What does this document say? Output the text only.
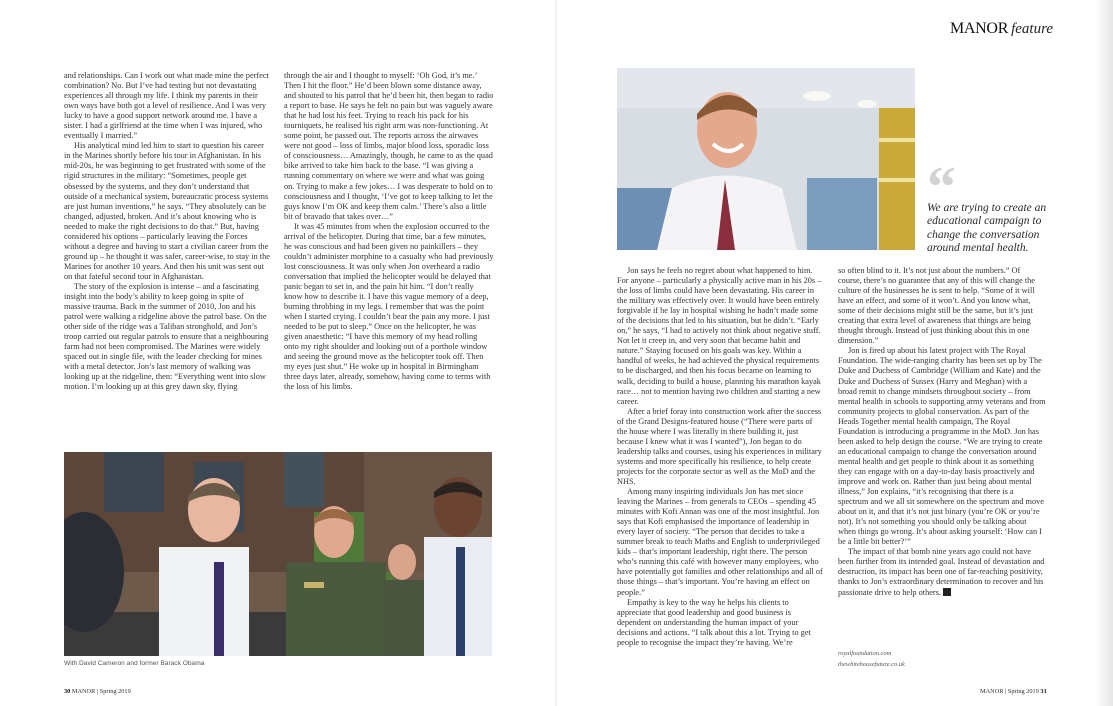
MANOR feature

and relationships. Can I work out what made mine the perfect combination? No. But I’ve had testing but not devastating experiences all through my life. I think my parents in their own ways have both got a level of resilience. And I was very lucky to have a good support network around me. I have a sister. I had a girlfriend at the time when I was injured, who eventually I married.”

His analytical mind led him to start to question his career in the Marines shortly before his tour in Afghanistan. In his mid-20s, he was beginning to get frustrated with some of the rigid structures in the military: “Sometimes, people get obsessed by the systems, and they don’t understand that outside of a mechanical system, bureaucratic process systems are just human inventions,” he says. “They absolutely can be changed, adjusted, broken. And it’s about knowing who is needed to make the right decisions to do that.” But, having considered his options – particularly leaving the Forces without a degree and having to start a civilian career from the ground up – he thought it was safer, career-wise, to stay in the Marines for another 10 years. And then his unit was sent out on that fateful second tour in Afghanistan.

The story of the explosion is intense – and a fascinating insight into the body’s ability to keep going in spite of massive trauma. Back in the summer of 2010, Jon and his patrol were walking a ridgeline above the patrol base. On the other side of the ridge was a Taliban stronghold, and Jon’s troop carried out regular patrols to ensure that a neighbouring farm had not been compromised. The Marines were widely spaced out in single file, with the leader checking for mines with a metal detector. Jon’s last memory of walking was looking up at the ridgeline, then: “Everything went into slow motion. I’m looking up at this grey dawn sky, flying

through the air and I thought to myself: ‘Oh God, it’s me.’ Then I hit the floor.” He’d been blown some distance away, and shouted to his patrol that he’d been hit, then began to radio a report to base. He says he felt no pain but was vaguely aware that he had lost his feet. Trying to reach his pack for his tourniquets, he realised his right arm was non-functioning. At some point, he passed out. The reports across the airwaves were not good – loss of limbs, major blood loss, sporadic loss of consciousness… Amazingly, though, he came to as the quad bike arrived to take him back to the base. “I was giving a running commentary on where we were and what was going on. Trying to make a few jokes… I was desperate to hold on to consciousness and I thought, ‘I’ve got to keep talking to let the guys know I’m OK and keep them calm.’ There’s also a little bit of bravado that takes over…”

It was 45 minutes from when the explosion occurred to the arrival of the helicopter. During that time, bar a few minutes, he was conscious and had been given no painkillers – they couldn’t administer morphine to a casualty who had previously lost consciousness. It was only when Jon overheard a radio conversation that implied the helicopter would be delayed that panic began to set in, and the pain hit him. “I don’t really know how to describe it. I have this vague memory of a deep, burning throbbing in my legs. I remember that was the point when I started crying. I couldn’t bear the pain any more. I just needed to be put to sleep.” Once on the helicopter, he was given anaesthetic: “I have this memory of my head rolling onto my right shoulder and looking out of a porthole window and seeing the ground move as the helicopter took off. Then my eyes just shut.” He woke up in hospital in Birmingham three days later, already, somehow, having come to terms with the loss of his limbs.

With David Cameron and former Barack Obama
“
We are trying to create an educational campaign to change the conversation around mental health.

Jon says he feels no regret about what happened to him. For anyone – particularly a physically active man in his 20s – the loss of limbs could have been devastating. His career in the military was effectively over. It would have been entirely forgivable if he lay in hospital wishing he hadn’t made some of the decisions that led to his situation, but he didn’t. “Early on,” he says, “I had to actively not think about negative stuff. Not let it creep in, and very soon that became habit and nature.” Staying focused on his goals was key. Within a handful of weeks, he had achieved the physical requirements to be discharged, and then his focus became on learning to walk, deciding to build a house, planning his marathon kayak race… not to mention having two children and starting a new career.

After a brief foray into construction work after the success of the Grand Designs-featured house (“There were parts of the house where I was literally in there building it, just because I knew what it was I wanted”), Jon began to do leadership talks and courses, using his experiences in military systems and more specifically his resilience, to help create projects for the corporate sector as well as the MoD and the NHS.

Among many inspiring individuals Jon has met since leaving the Marines – from generals to CEOs – spending 45 minutes with Kofi Annan was one of the most insightful. Jon says that Kofi emphasised the importance of leadership in every layer of society. “The person that decides to take a summer break to teach Maths and English to underprivileged kids – that’s important leadership, right there. The person who’s running this café with however many employees, who have potentially got families and other relationships and all of those things – that’s important. You’re having an effect on people.”

Empathy is key to the way he helps his clients to appreciate that good leadership and good business is dependent on understanding the human impact of your decisions and actions. “I talk about this a lot. Trying to get people to recognise the impact they’re having. We’re

so often blind to it. It’s not just about the numbers.” Of course, there’s no guarantee that any of this will change the culture of the businesses he is sent to help. “Some of it will have an effect, and some of it won’t. And you know what, some of their decisions might still be the same, but it’s just creating that extra level of awareness that things are being thought through. Instead of just thinking about this in one dimension.”

Jon is fired up about his latest project with The Royal Foundation. The wide-ranging charity has been set up by The Duke and Duchess of Cambridge (William and Kate) and the Duke and Duchess of Sussex (Harry and Meghan) with a broad remit to change mindsets throughout society – from mental health in schools to supporting army veterans and from community projects to global conservation. As part of the Heads Together mental health campaign, The Royal Foundation is introducing a programme in the MoD. Jon has been asked to help design the course. “We are trying to create an educational campaign to change the conversation around mental health and get people to think about it as something they can engage with on a day-to-day basis proactively and improve and work on. Rather than just being about mental illness,” Jon explains, “it’s recognising that there is a spectrum and we all sit somewhere on the spectrum and move about on it, and that it’s not just binary (you’re OK or you’re not). It’s not something you should only be talking about when things go wrong. It’s about asking yourself: ‘How can I be a little bit better?’”

The impact of that bomb nine years ago could not have been further from its intended goal. Instead of devastation and destruction, its impact has been one of far-reaching positivity, thanks to Jon’s extraordinary determination to recover and his passionate drive to help others.

royalfoundation.com
thewhitehousefuture.co.uk
30 MANOR | Spring 2019	MANOR | Spring 2019 31
